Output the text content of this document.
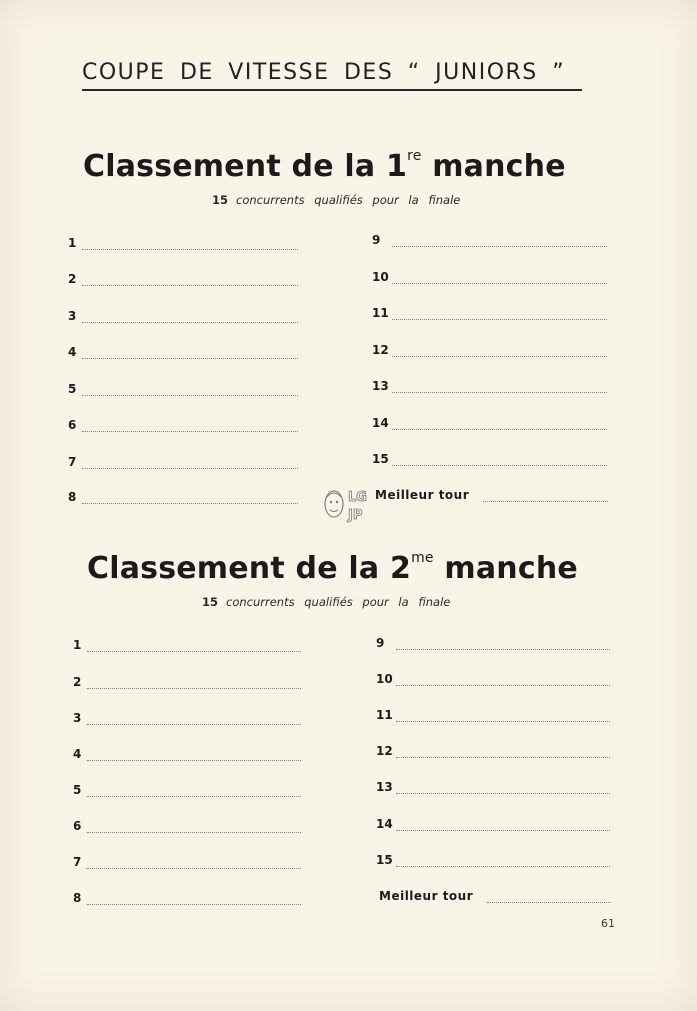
COUPE DE VITESSE DES “ JUNIORS ”
Classement de la 1re manche
15 concurrents qualifiés pour la finale
1
2
3
4
5
6
7
8
9
10
11
12
13
14
15
Meilleur tour
LG
JP
Classement de la $2^{me}$ manche
15 concurrents qualifiés pour la finale
1
2
3
4
5
6
7
8
9
10
11
12
13
14
15
Meilleur tour
61
